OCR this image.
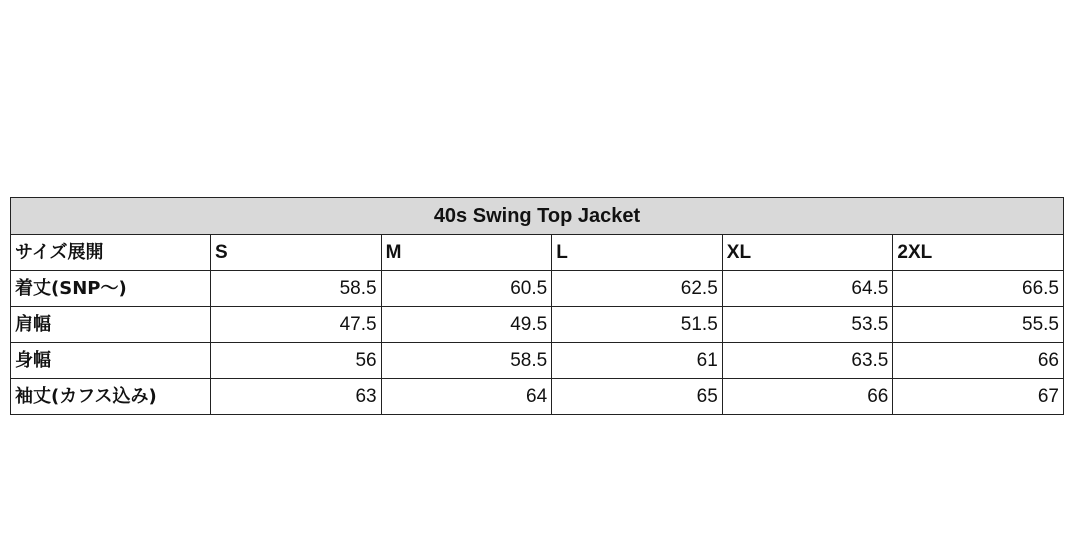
40s Swing Top Jacket					
サイズ展開	S	M	L	XL	2XL
着丈(SNP〜)	58.5	60.5	62.5	64.5	66.5
肩幅	47.5	49.5	51.5	53.5	55.5
身幅	56	58.5	61	63.5	66
袖丈(カフス込み)	63	64	65	66	67
